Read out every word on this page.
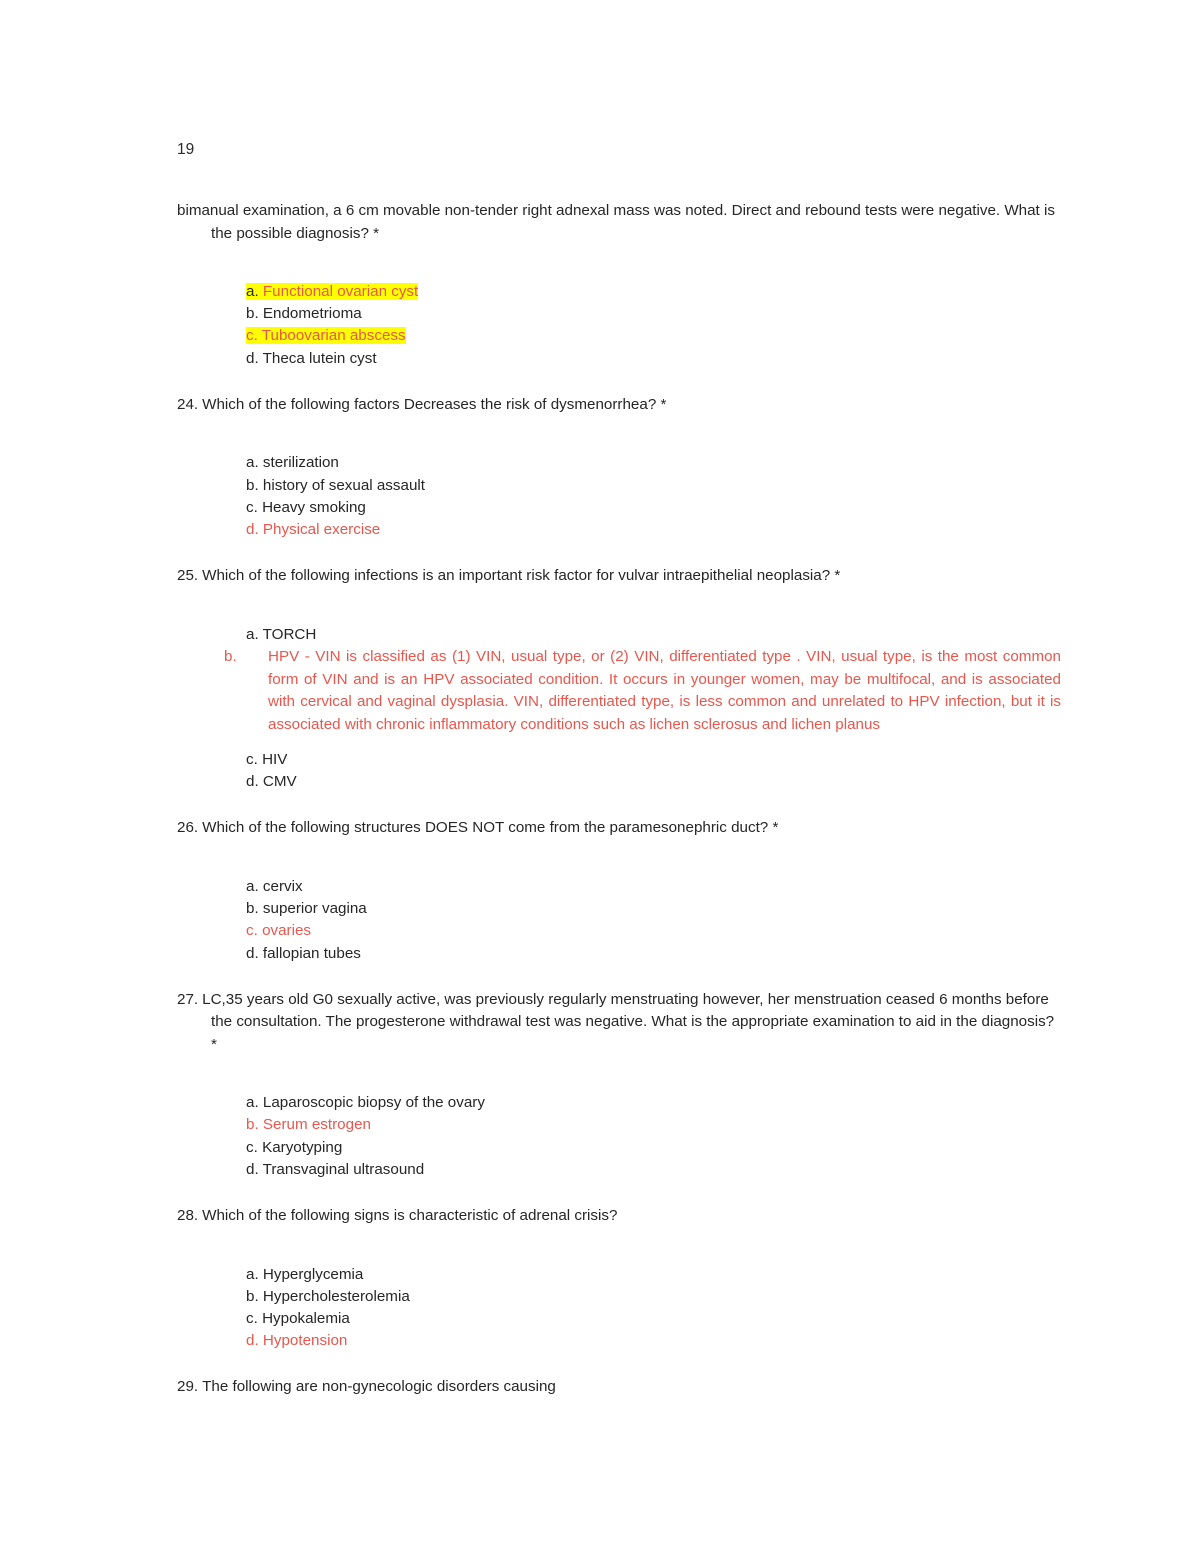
19

bimanual examination, a 6 cm movable non-tender right adnexal mass was noted. Direct and rebound tests were negative. What is the possible diagnosis? *

a. Functional ovarian cyst
b. Endometrioma
c. Tuboovarian abscess
d. Theca lutein cyst

24. Which of the following factors Decreases the risk of dysmenorrhea? *

a. sterilization
b. history of sexual assault
c. Heavy smoking
d. Physical exercise

25. Which of the following infections is an important risk factor for vulvar intraepithelial neoplasia? *

a. TORCH
b.	HPV - VIN is classified as (1) VIN, usual type, or (2) VIN, differentiated type . VIN, usual type, is the most common form of VIN and is an HPV associated condition. It occurs in younger women, may be multifocal, and is associated with cervical and vaginal dysplasia. VIN, differentiated type, is less common and unrelated to HPV infection, but it is associated with chronic inflammatory conditions such as lichen sclerosus and lichen planus
c. HIV
d. CMV

26. Which of the following structures DOES NOT come from the paramesonephric duct? *

a. cervix
b. superior vagina
c. ovaries
d. fallopian tubes

27. LC,35 years old G0 sexually active, was previously regularly menstruating however, her menstruation ceased 6 months before the consultation. The progesterone withdrawal test was negative. What is the appropriate examination to aid in the diagnosis? *

a. Laparoscopic biopsy of the ovary
b. Serum estrogen
c. Karyotyping
d. Transvaginal ultrasound

28. Which of the following signs is characteristic of adrenal crisis?

a. Hyperglycemia
b. Hypercholesterolemia
c. Hypokalemia
d. Hypotension

29. The following are non-gynecologic disorders causing
